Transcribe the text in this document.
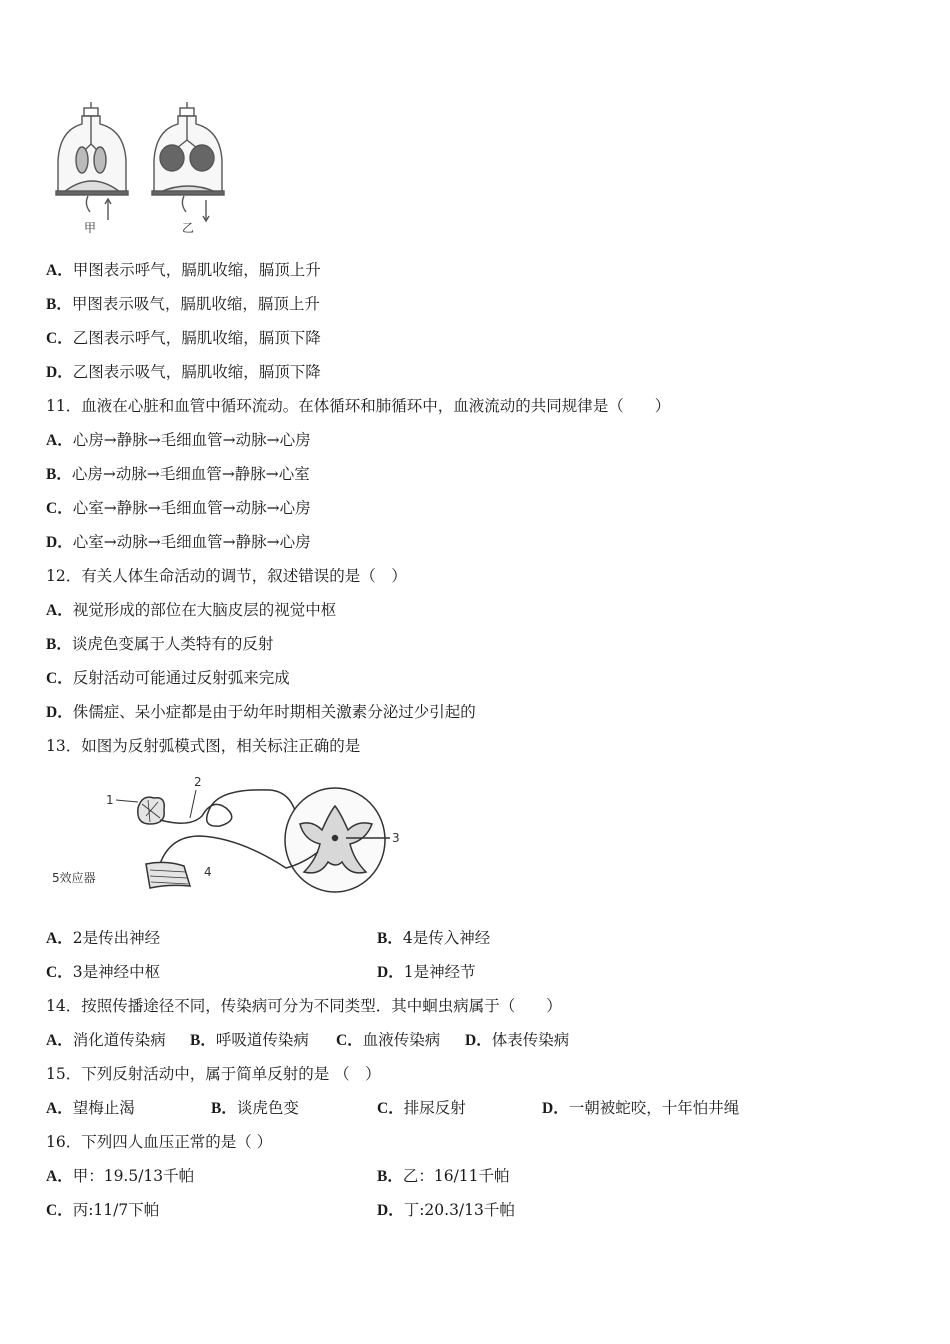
甲	乙
A．甲图表示呼气，膈肌收缩，膈顶上升
B．甲图表示吸气，膈肌收缩，膈顶上升
C．乙图表示呼气，膈肌收缩，膈顶下降
D．乙图表示吸气，膈肌收缩，膈顶下降
11．血液在心脏和血管中循环流动。在体循环和肺循环中，血液流动的共同规律是（　　）
A．心房→静脉→毛细血管→动脉→心房
B．心房→动脉→毛细血管→静脉→心室
C．心室→静脉→毛细血管→动脉→心房
D．心室→动脉→毛细血管→静脉→心房
12．有关人体生命活动的调节，叙述错误的是（　）
A．视觉形成的部位在大脑皮层的视觉中枢
B．谈虎色变属于人类特有的反射
C．反射活动可能通过反射弧来完成
D．侏儒症、呆小症都是由于幼年时期相关激素分泌过少引起的
13．如图为反射弧模式图，相关标注正确的是
1
2
3
4
5效应器
A．2是传出神经	B．4是传入神经
C．3是神经中枢	D．1是神经节
14．按照传播途径不同，传染病可分为不同类型．其中蛔虫病属于（　　）
A．消化道传染病 B．呼吸道传染病 C．血液传染病 D．体表传染病
15．下列反射活动中，属于简单反射的是 （　）
A．望梅止渴	B．谈虎色变	C．排尿反射	D．一朝被蛇咬，十年怕井绳
16．下列四人血压正常的是（ ）
A．甲：19.5/13千帕	B．乙：16/11千帕
C．丙:11/7下帕	D．丁:20.3/13千帕
